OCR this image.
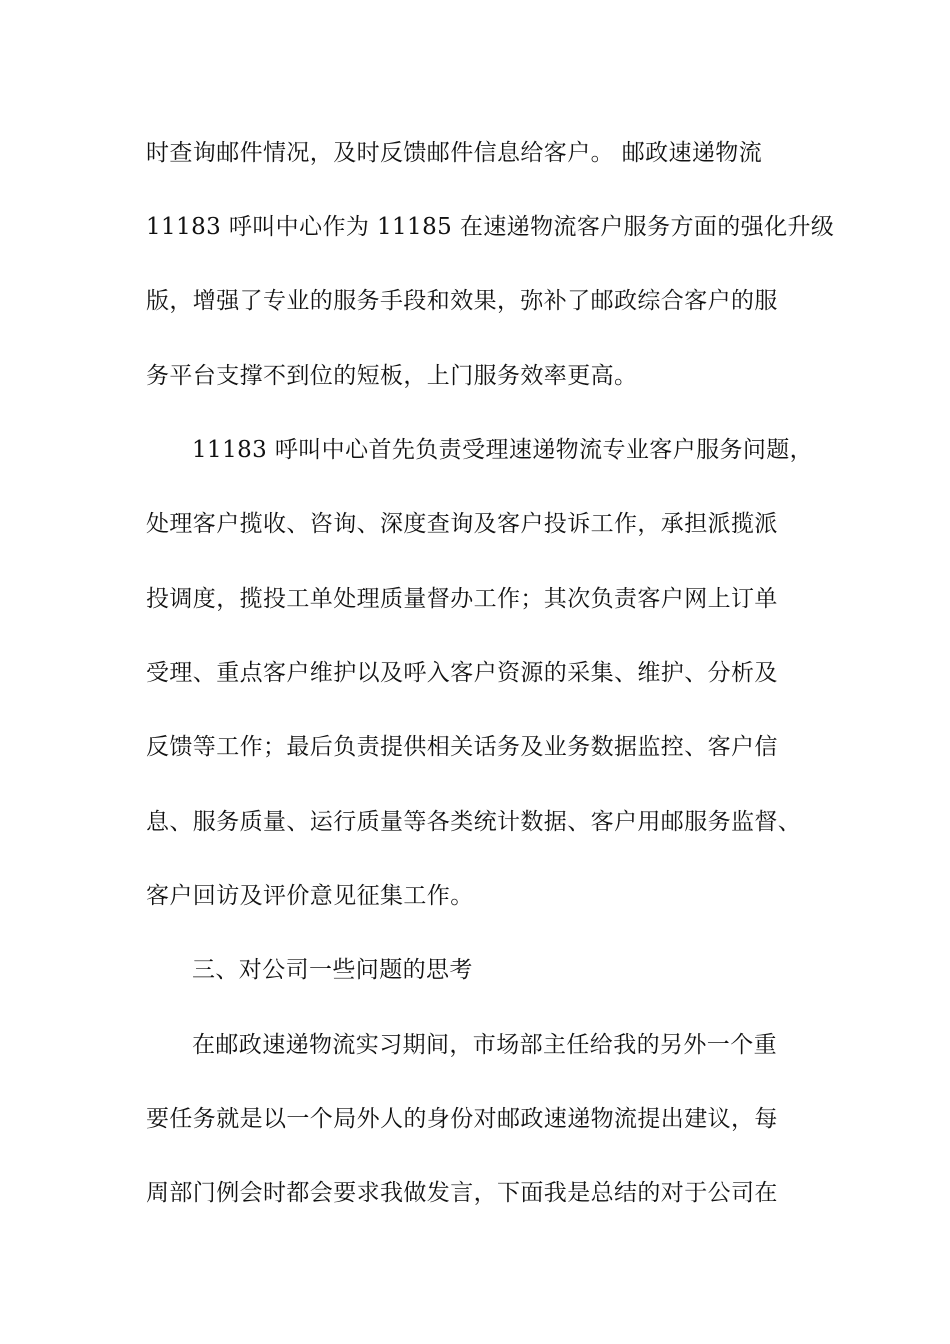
时查询邮件情况，及时反馈邮件信息给客户。 邮政速递物流
11183 呼叫中心作为 11185 在速递物流客户服务方面的强化升级
版，增强了专业的服务手段和效果，弥补了邮政综合客户的服
务平台支撑不到位的短板，上门服务效率更高。
11183 呼叫中心首先负责受理速递物流专业客户服务问题，
处理客户揽收、咨询、深度查询及客户投诉工作，承担派揽派
投调度，揽投工单处理质量督办工作；其次负责客户网上订单
受理、重点客户维护以及呼入客户资源的采集、维护、分析及
反馈等工作；最后负责提供相关话务及业务数据监控、客户信
息、服务质量、运行质量等各类统计数据、客户用邮服务监督、
客户回访及评价意见征集工作。
三、对公司一些问题的思考
在邮政速递物流实习期间，市场部主任给我的另外一个重
要任务就是以一个局外人的身份对邮政速递物流提出建议，每
周部门例会时都会要求我做发言，下面我是总结的对于公司在
